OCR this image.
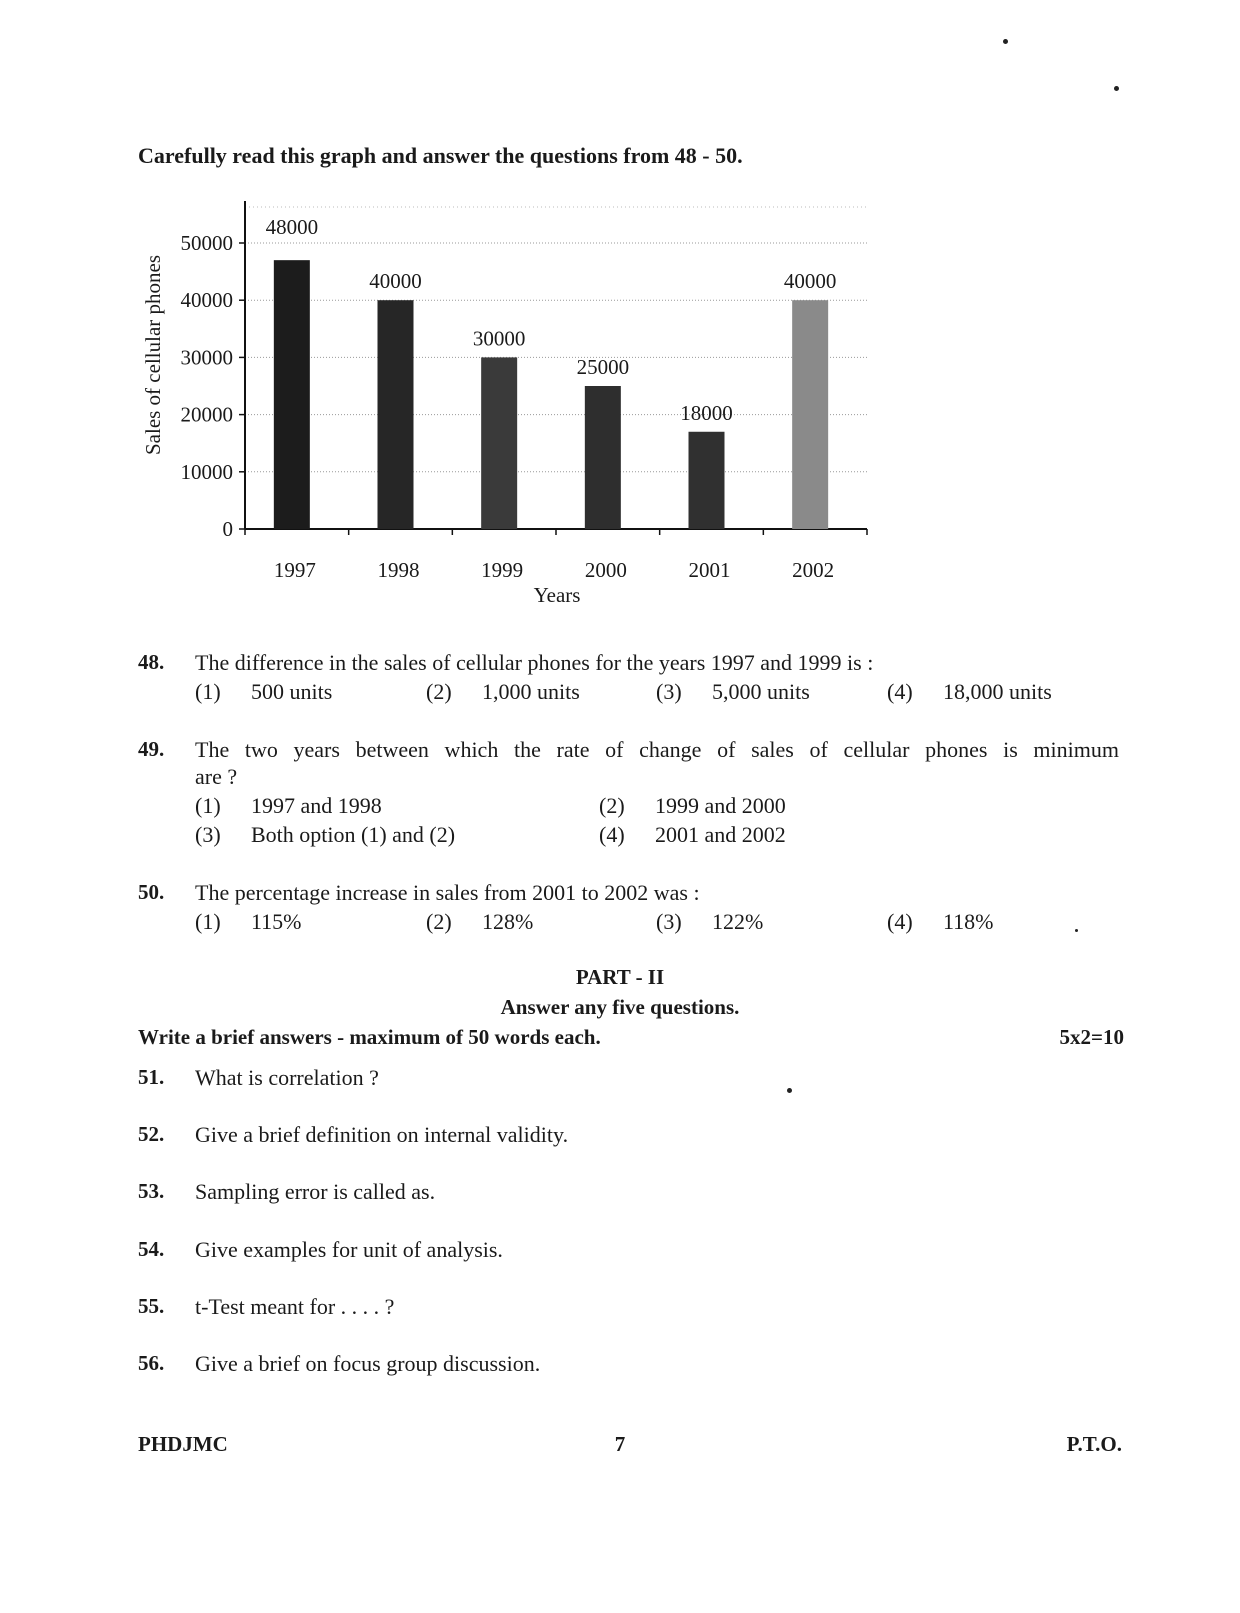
Carefully read this graph and answer the questions from 48 - 50.
48000
40000
30000
25000
18000
40000
0
10000
20000
30000
40000
50000
1997	1998	1999	2000	2001	2002
Years
Sales of cellular phones
48. The difference in the sales of cellular phones for the years 1997 and 1999 is :
(1) 500 units	(2) 1,000 units	(3) 5,000 units	(4) 18,000 units
49. The two years between which the rate of change of sales of cellular phones is minimum
are ?
(1) 1997 and 1998	(2) 1999 and 2000
(3) Both option (1) and (2)	(4) 2001 and 2002
50. The percentage increase in sales from 2001 to 2002 was :
(1) 115%	(2) 128%	(3) 122%	(4) 118%
PART - II
Answer any five questions.
Write a brief answers - maximum of 50 words each.	5x2=10
51. What is correlation ?
52. Give a brief definition on internal validity.
53. Sampling error is called as.
54. Give examples for unit of analysis.
55. t-Test meant for . . . . ?
56. Give a brief on focus group discussion.
PHDJMC	7	P.T.O.
